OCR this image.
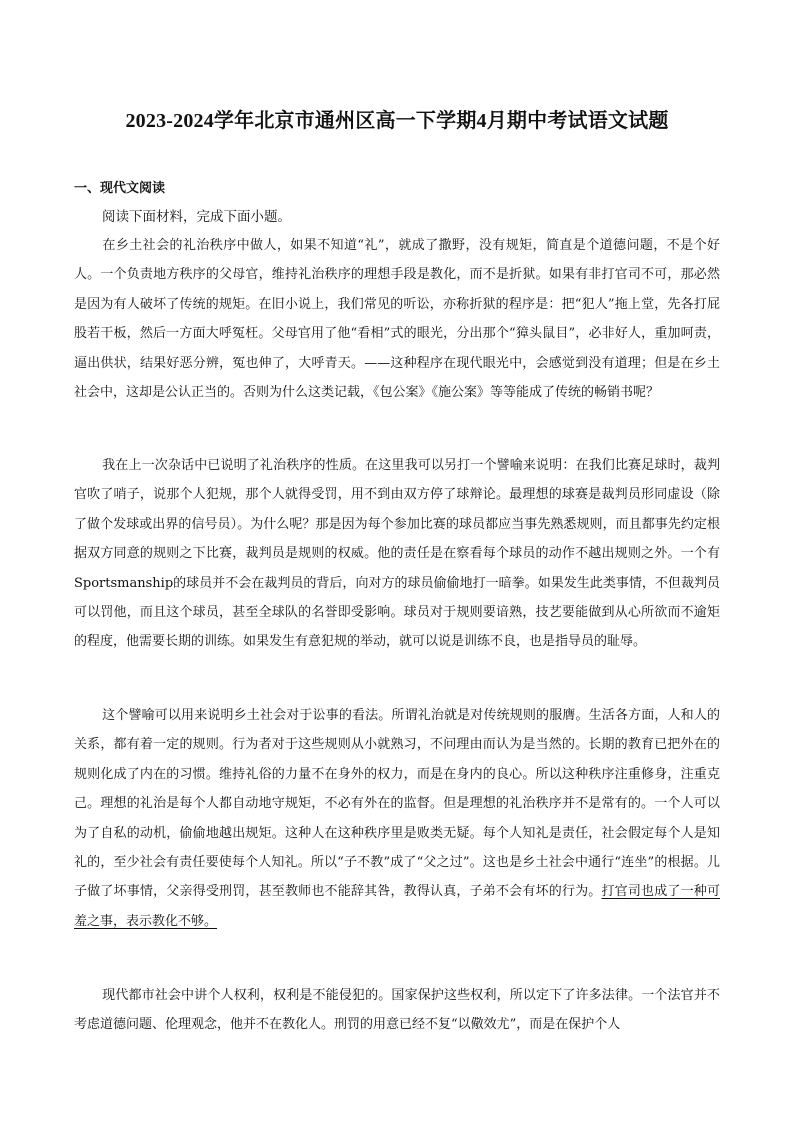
2023-2024学年北京市通州区高一下学期4月期中考试语文试题
一、现代文阅读

阅读下面材料，完成下面小题。

在乡土社会的礼治秩序中做人，如果不知道“礼”，就成了撒野，没有规矩，简直是个道德问题，不是个好人。一个负责地方秩序的父母官，维持礼治秩序的理想手段是教化，而不是折狱。如果有非打官司不可，那必然是因为有人破坏了传统的规矩。在旧小说上，我们常见的听讼，亦称折狱的程序是：把“犯人”拖上堂，先各打屁股若干板，然后一方面大呼冤枉。父母官用了他“看相”式的眼光，分出那个“獐头鼠目”，必非好人，重加呵责，逼出供状，结果好恶分辨，冤也伸了，大呼青天。——这种程序在现代眼光中，会感觉到没有道理；但是在乡土社会中，这却是公认正当的。否则为什么这类记载，《包公案》《施公案》等等能成了传统的畅销书呢？

我在上一次杂话中已说明了礼治秩序的性质。在这里我可以另打一个譬喻来说明：在我们比赛足球时，裁判官吹了哨子，说那个人犯规，那个人就得受罚，用不到由双方停了球辩论。最理想的球赛是裁判员形同虚设（除了做个发球或出界的信号员）。为什么呢？那是因为每个参加比赛的球员都应当事先熟悉规则，而且都事先约定根据双方同意的规则之下比赛，裁判员是规则的权威。他的责任是在察看每个球员的动作不越出规则之外。一个有Sportsmanship的球员并不会在裁判员的背后，向对方的球员偷偷地打一暗拳。如果发生此类事情，不但裁判员可以罚他，而且这个球员，甚至全球队的名誉即受影响。球员对于规则要谙熟，技艺要能做到从心所欲而不逾矩的程度，他需要长期的训练。如果发生有意犯规的举动，就可以说是训练不良，也是指导员的耻辱。

这个譬喻可以用来说明乡土社会对于讼事的看法。所谓礼治就是对传统规则的服膺。生活各方面，人和人的关系，都有着一定的规则。行为者对于这些规则从小就熟习，不问理由而认为是当然的。长期的教育已把外在的规则化成了内在的习惯。维持礼俗的力量不在身外的权力，而是在身内的良心。所以这种秩序注重修身，注重克己。理想的礼治是每个人都自动地守规矩，不必有外在的监督。但是理想的礼治秩序并不是常有的。一个人可以为了自私的动机，偷偷地越出规矩。这种人在这种秩序里是败类无疑。每个人知礼是责任，社会假定每个人是知礼的，至少社会有责任要使每个人知礼。所以“子不教”成了“父之过”。这也是乡土社会中通行“连坐”的根据。儿子做了坏事情，父亲得受刑罚，甚至教师也不能辞其咎，教得认真，子弟不会有坏的行为。打官司也成了一种可羞之事，表示教化不够。

现代都市社会中讲个人权利，权利是不能侵犯的。国家保护这些权利，所以定下了许多法律。一个法官并不考虑道德问题、伦理观念，他并不在教化人。刑罚的用意已经不复“以儆效尤”，而是在保护个人
